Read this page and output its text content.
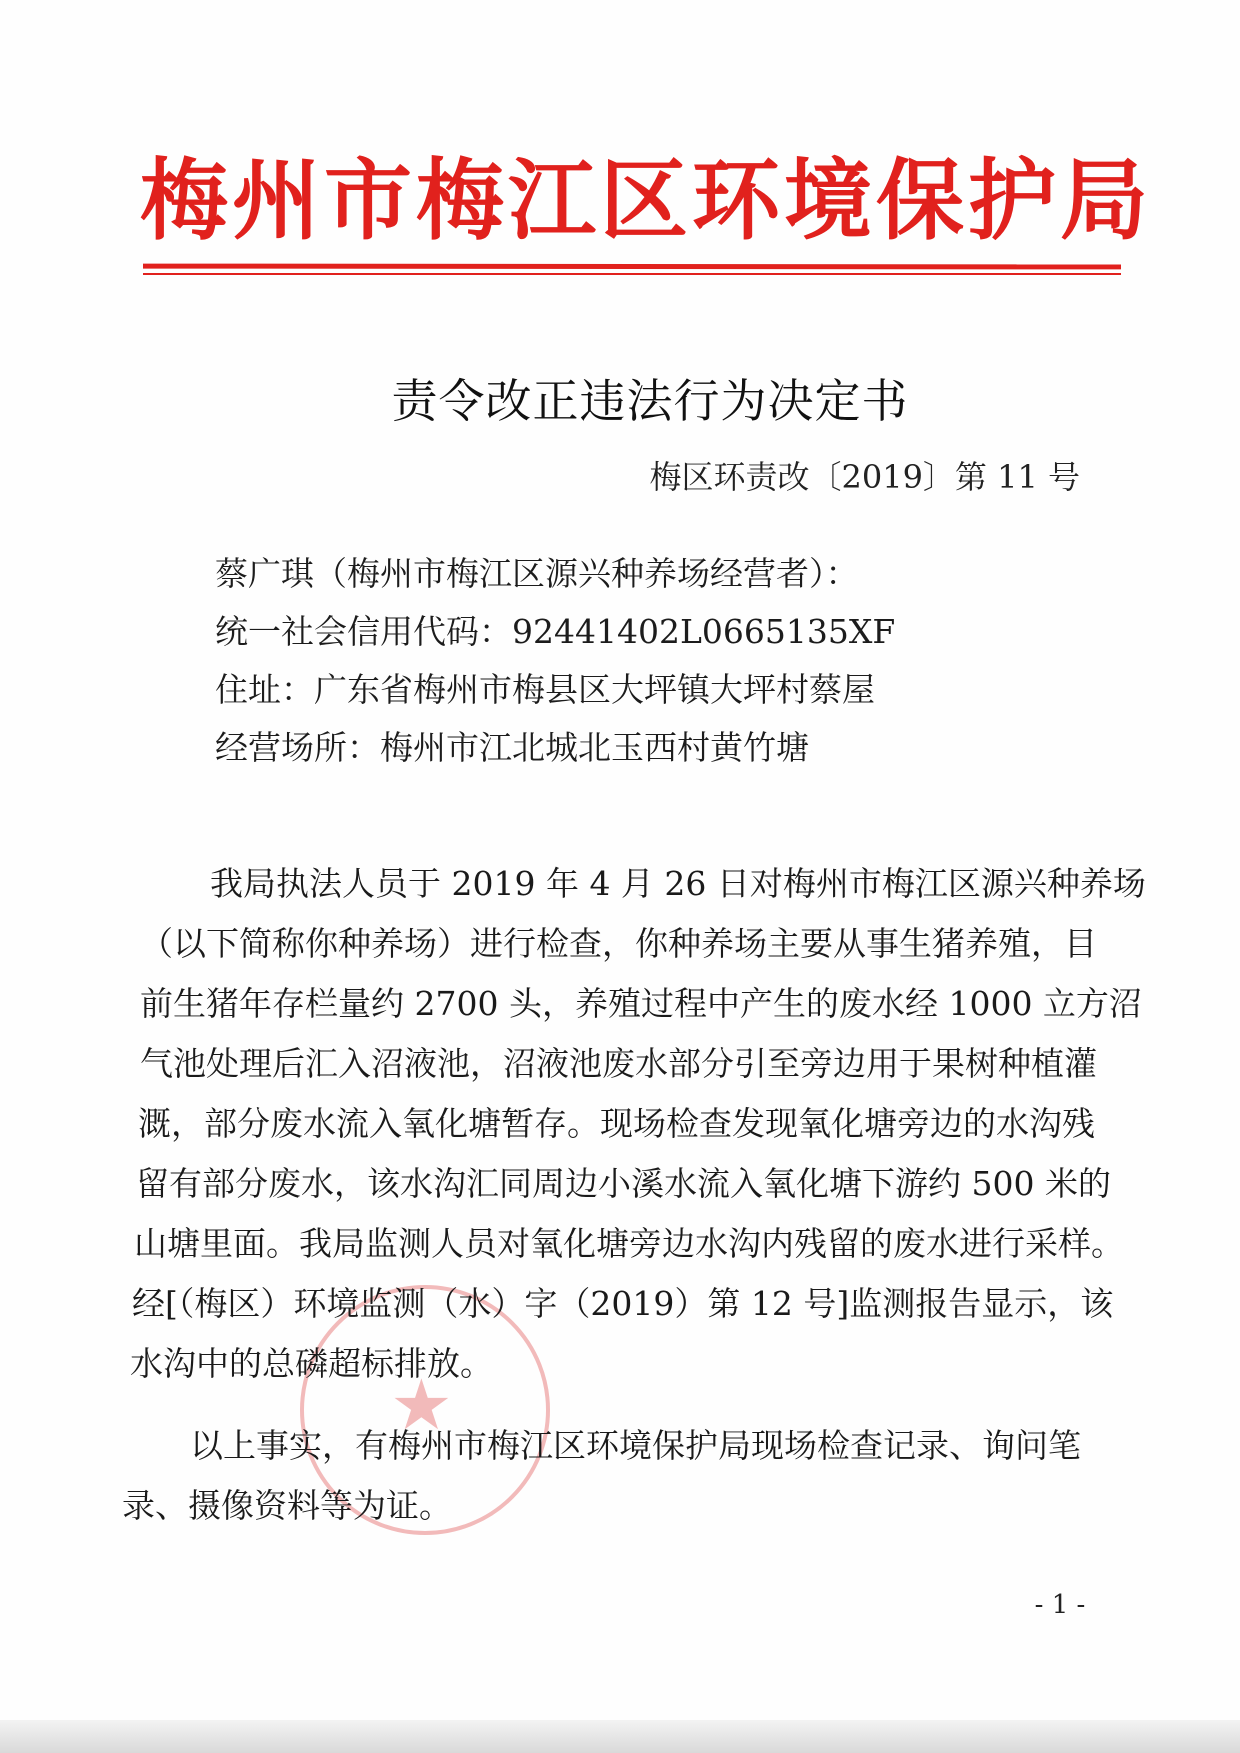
梅州市梅江区环境保护局
责令改正违法行为决定书
梅区环责改〔2019〕第 11 号
蔡广琪（梅州市梅江区源兴种养场经营者）：
统一社会信用代码：92441402L0665135XF
住址：广东省梅州市梅县区大坪镇大坪村蔡屋
经营场所：梅州市江北城北玉西村黄竹塘
★
我局执法人员于 2019 年 4 月 26 日对梅州市梅江区源兴种养场
（以下简称你种养场）进行检查，你种养场主要从事生猪养殖，目
前生猪年存栏量约 2700 头，养殖过程中产生的废水经 1000 立方沼
气池处理后汇入沼液池，沼液池废水部分引至旁边用于果树种植灌
溉，部分废水流入氧化塘暂存。现场检查发现氧化塘旁边的水沟残
留有部分废水，该水沟汇同周边小溪水流入氧化塘下游约 500 米的
山塘里面。我局监测人员对氧化塘旁边水沟内残留的废水进行采样。
经[（梅区）环境监测（水）字（2019）第 12 号]监测报告显示，该
水沟中的总磷超标排放。
以上事实，有梅州市梅江区环境保护局现场检查记录、询问笔
录、摄像资料等为证。
- 1 -
